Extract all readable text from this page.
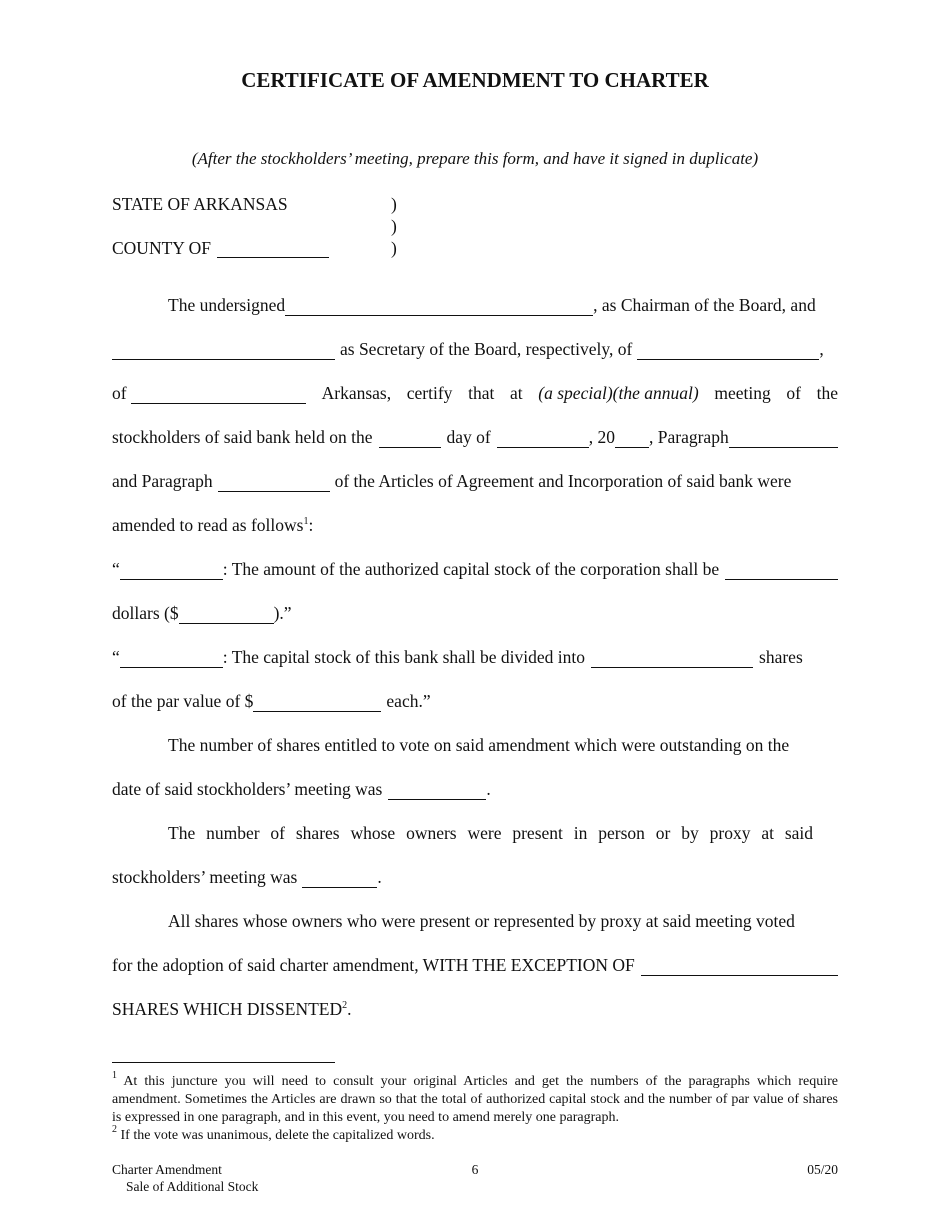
CERTIFICATE OF AMENDMENT TO CHARTER
(After the stockholders’ meeting, prepare this form, and have it signed in duplicate)
STATE OF ARKANSAS
COUNTY OF
)
)
)
The undersigned	, as Chairman of the Board, and
as Secretary of the Board, respectively, of	,
of	Arkansas, certify that at (a special)(the annual) meeting of the
stockholders of said bank held on the	day of	, 20 , Paragraph
and Paragraph	of the Articles of Agreement and Incorporation of said bank were
amended to read as follows$^1$:
“	: The amount of the authorized capital stock of the corporation shall be
dollars ($	).”
“	: The capital stock of this bank shall be divided into	shares
of the par value of $	each.”
The number of shares entitled to vote on said amendment which were outstanding on the
date of said stockholders’ meeting was	.
The number of shares whose owners were present in person or by proxy at said
stockholders’ meeting was	.
All shares whose owners who were present or represented by proxy at said meeting voted
for the adoption of said charter amendment, WITH THE EXCEPTION OF
SHARES WHICH DISSENTED$^2$.

$^1$ At this juncture you will need to consult your original Articles and get the numbers of the paragraphs which require amendment. Sometimes the Articles are drawn so that the total of authorized capital stock and the number of par value of shares is expressed in one paragraph, and in this event, you need to amend merely one paragraph.

$^2$ If the vote was unanimous, delete the capitalized words.

Charter Amendment
Sale of Additional Stock
6	05/20
